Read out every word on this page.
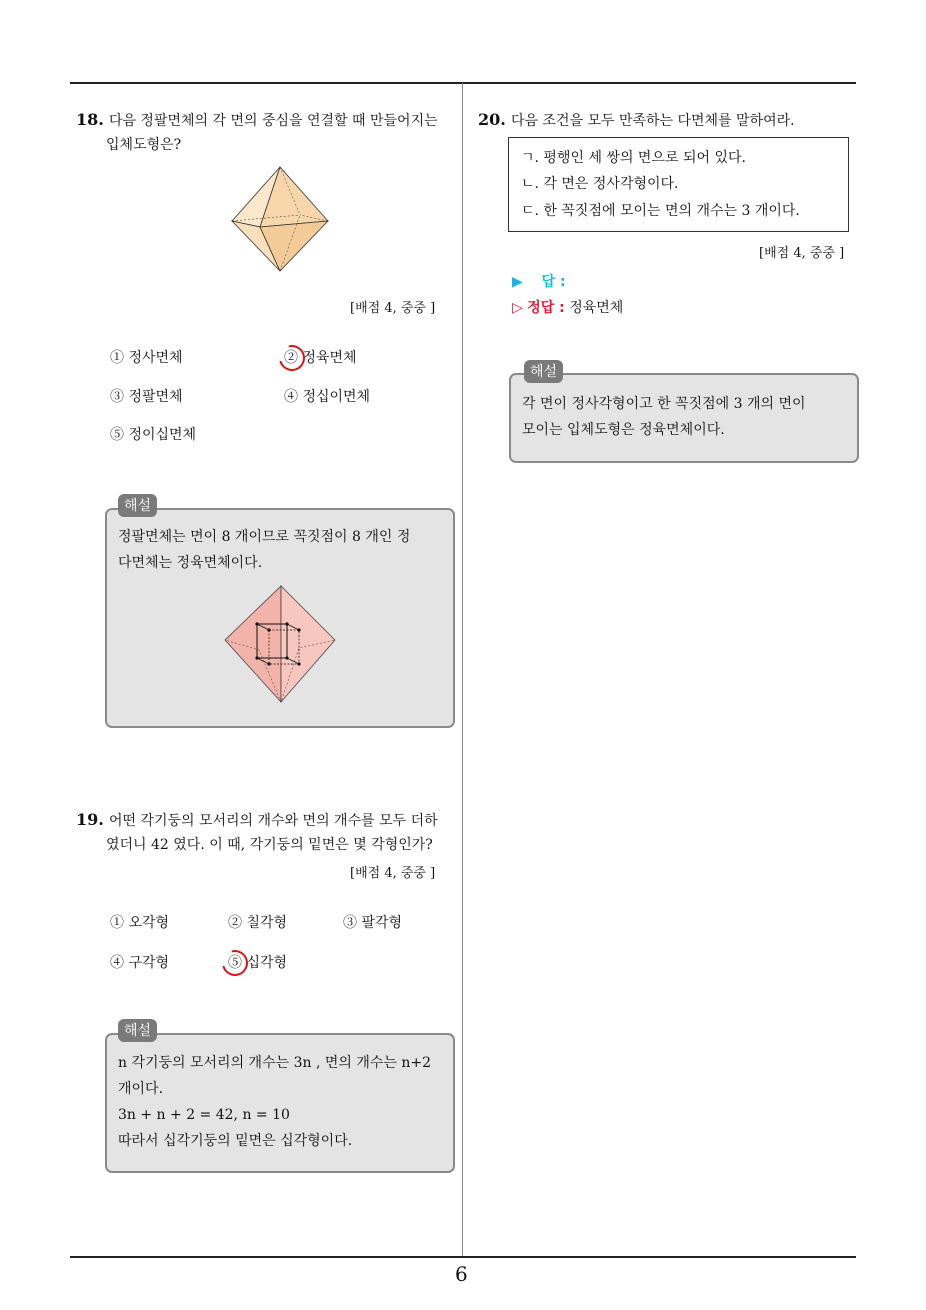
6
18. 다음 정팔면체의 각 면의 중심을 연결할 때 만들어지는
입체도형은?
[배점 4, 중중 ]
① 정사면체	② 정육면체
③ 정팔면체	④ 정십이면체
⑤ 정이십면체
해설
정팔면체는 면이 8 개이므로 꼭짓점이 8 개인 정
다면체는 정육면체이다.
19. 어떤 각기둥의 모서리의 개수와 면의 개수를 모두 더하
였더니 42 였다. 이 때, 각기둥의 밑면은 몇 각형인가?
[배점 4, 중중 ]
① 오각형	② 칠각형	③ 팔각형
④ 구각형	⑤ 십각형
해설
n 각기둥의 모서리의 개수는 3n , 면의 개수는 n+2
개이다.
3n + n + 2 = 42, n = 10
따라서 십각기둥의 밑면은 십각형이다.
20. 다음 조건을 모두 만족하는 다면체를 말하여라.
ㄱ. 평행인 세 쌍의 면으로 되어 있다.
ㄴ. 각 면은 정사각형이다.
ㄷ. 한 꼭짓점에 모이는 면의 개수는 3 개이다.
[배점 4, 중중 ]
▶ 답 :
▷ 정답 : 정육면체
해설
각 면이 정사각형이고 한 꼭짓점에 3 개의 면이
모이는 입체도형은 정육면체이다.
